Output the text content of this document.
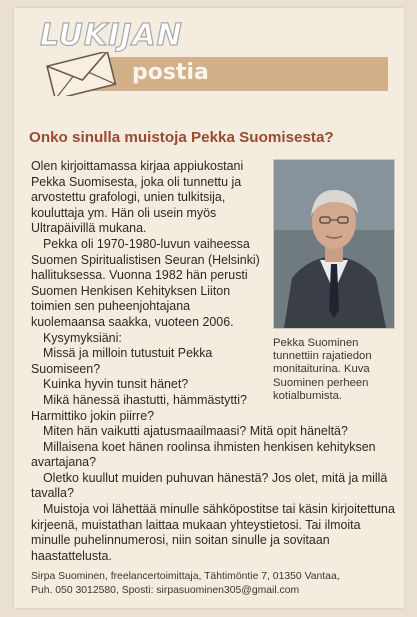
LUKIJAN
postia
Onko sinulla muistoja Pekka Suomisesta?
Pekka Suominen tunnettiin rajatiedon monitaiturina. Kuva Suominen perheen kotialbumista.

Olen kirjoittamassa kirjaa appiukostani Pekka Suomisesta, joka oli tunnettu ja arvostettu grafologi, unien tulkitsija, kouluttaja ym. Hän oli usein myös Ultrapäivillä mukana.

Pekka oli 1970-1980-luvun vaiheessa Suomen Spiritualistisen Seuran (Helsinki) hallituksessa. Vuonna 1982 hän perusti Suomen Henkisen Kehityksen Liiton toimien sen puheenjohtajana kuolemaansa saakka, vuoteen 2006.

Kysymyksiäni:

Missä ja milloin tutustuit Pekka Suomiseen?

Kuinka hyvin tunsit hänet?

Mikä hänessä ihastutti, hämmästytti? Harmittiko jokin piirre?

Miten hän vaikutti ajatusmaailmaasi? Mitä opit häneltä?

Millaisena koet hänen roolinsa ihmisten henkisen kehityksen avartajana?

Oletko kuullut muiden puhuvan hänestä? Jos olet, mitä ja millä tavalla?

Muistoja voi lähettää minulle sähköpostitse tai käsin kirjoitettuna kirjeenä, muistathan laittaa mukaan yhteystietosi. Tai ilmoita minulle puhelinnumerosi, niin soitan sinulle ja sovitaan haastattelusta.

Sirpa Suominen, freelancertoimittaja, Tähtimöntie 7, 01350 Vantaa,
Puh. 050 3012580, Sposti: sirpasuominen305@gmail.com
